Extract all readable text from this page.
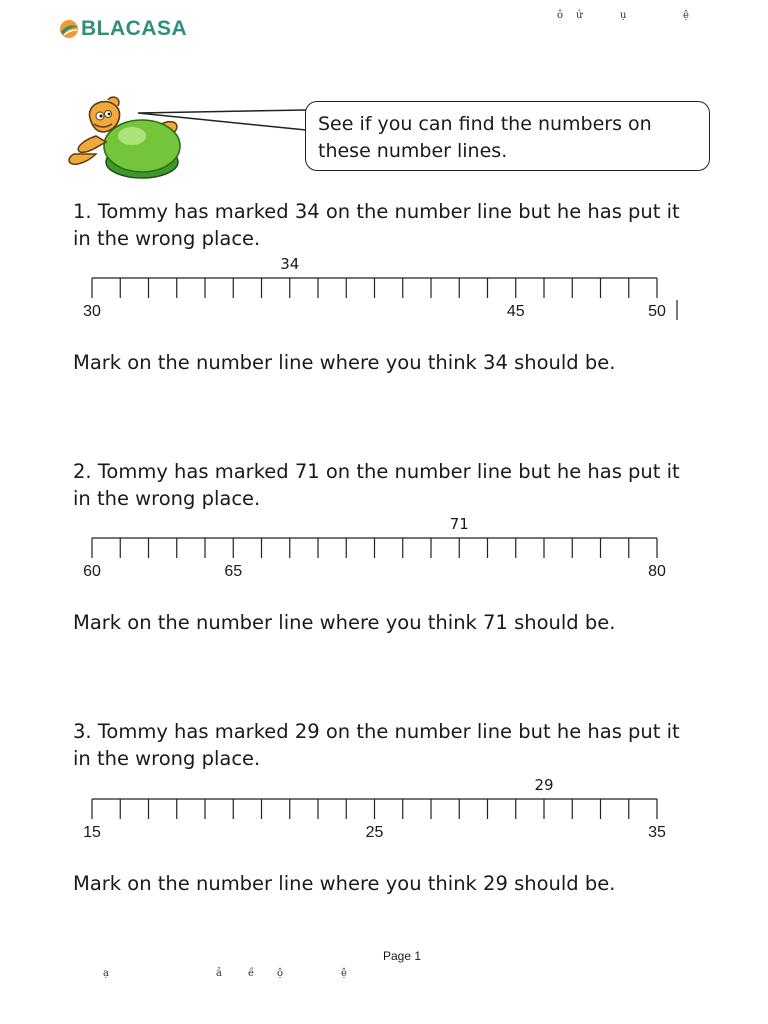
BLACASA
ô ứ	ụ	ệ
See if you can find the numbers on these number lines.
1. Tommy has marked 34 on the number line but he has put it in the wrong place.
Mark on the number line where you think 34 should be.
2. Tommy has marked 71 on the number line but he has put it in the wrong place.
Mark on the number line where you think 71 should be.
3. Tommy has marked 29 on the number line but he has put it in the wrong place.
Mark on the number line where you think 29 should be.
30	45	50
34
60	65	80
71
15	25	35
29
Page 1
ạ	ả	ề ộ	ệ
